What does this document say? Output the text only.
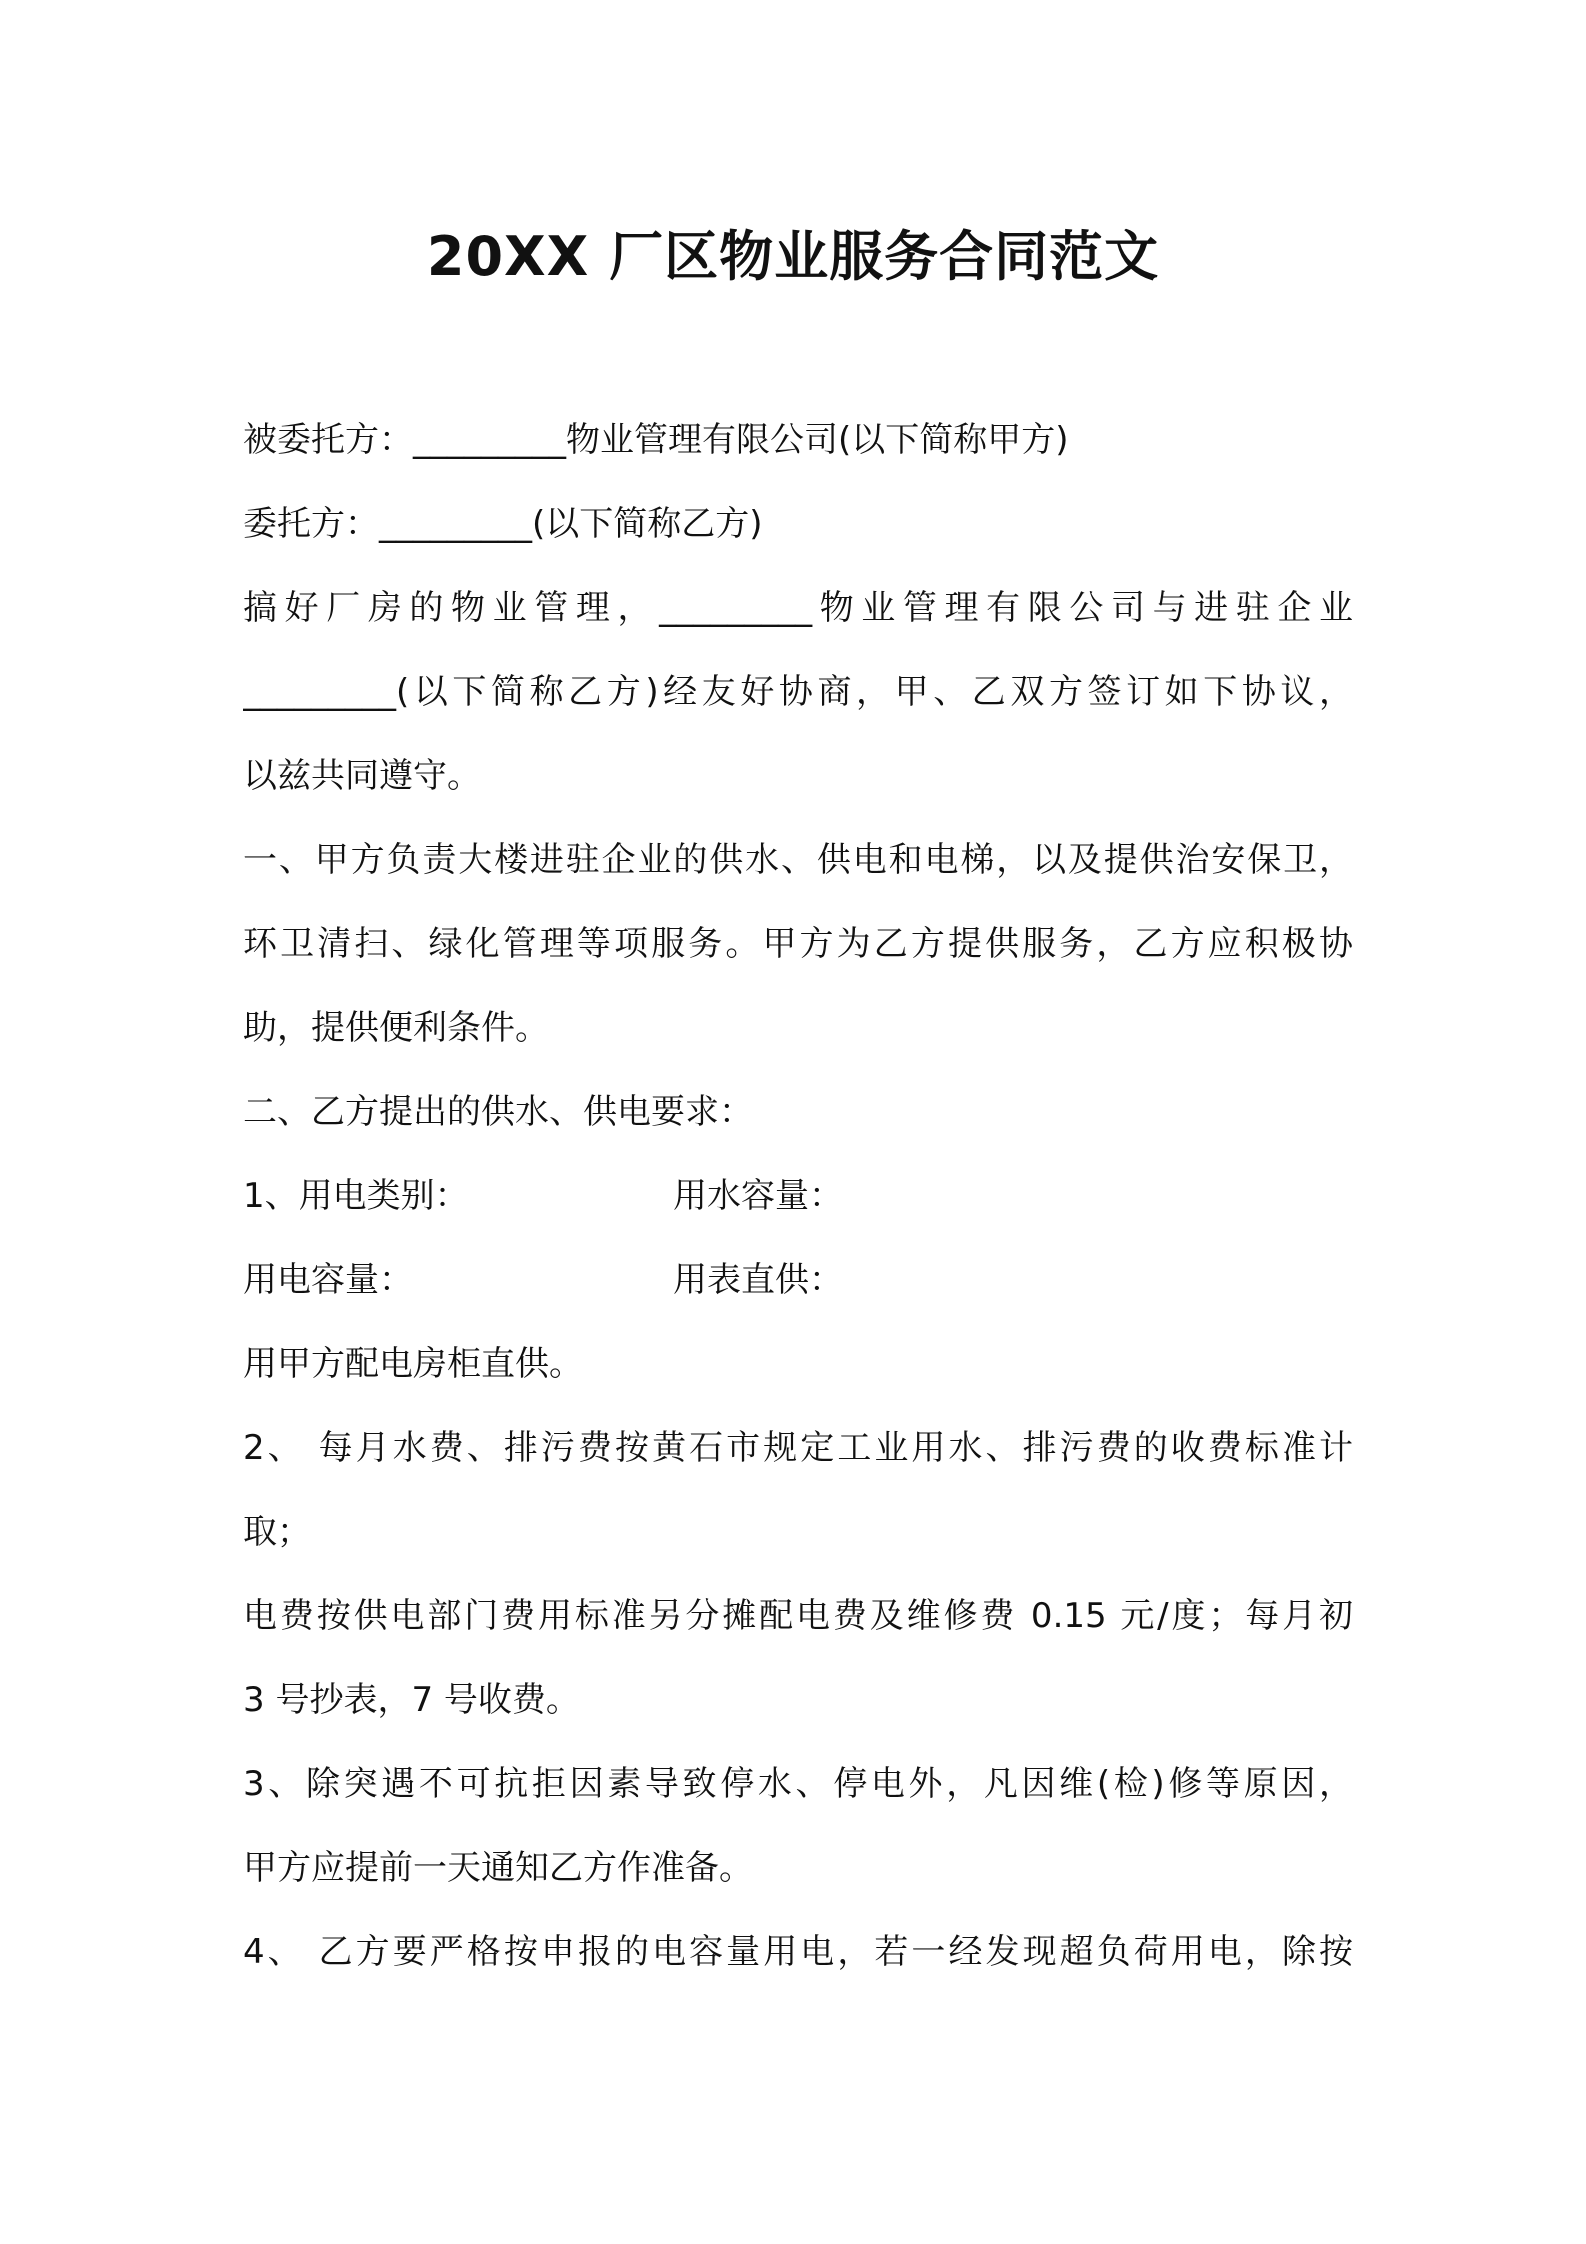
20XX 厂区物业服务合同范文
被委托方：_________物业管理有限公司(以下简称甲方)
委托方：_________(以下简称乙方)
搞好厂房的物业管理，_________物业管理有限公司与进驻企业
_________(以下简称乙方)经友好协商，甲、乙双方签订如下协议，
以兹共同遵守。
一、甲方负责大楼进驻企业的供水、供电和电梯，以及提供治安保卫，
环卫清扫、绿化管理等项服务。甲方为乙方提供服务，乙方应积极协
助，提供便利条件。
二、乙方提出的供水、供电要求：
1、用电类别：	用水容量：
用电容量：	用表直供：
用甲方配电房柜直供。
2、 每月水费、排污费按黄石市规定工业用水、排污费的收费标准计
取；
电费按供电部门费用标准另分摊配电费及维修费 0.15 元/度；每月初
3 号抄表，7 号收费。
3、除突遇不可抗拒因素导致停水、停电外，凡因维(检)修等原因，
甲方应提前一天通知乙方作准备。
4、 乙方要严格按申报的电容量用电，若一经发现超负荷用电，除按
